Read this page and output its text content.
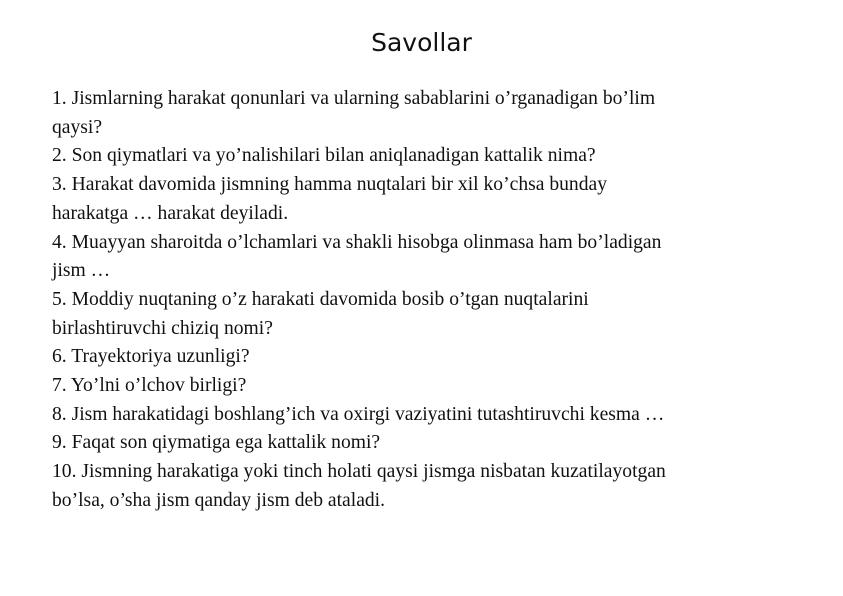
Savollar
1. Jismlarning harakat qonunlari va ularning sabablarini o’rganadigan bo’lim
qaysi?
2. Son qiymatlari va yo’nalishilari bilan aniqlanadigan kattalik nima?
3. Harakat davomida jismning hamma nuqtalari bir xil ko’chsa bunday
harakatga … harakat deyiladi.
4. Muayyan sharoitda o’lchamlari va shakli hisobga olinmasa ham bo’ladigan
jism …
5. Moddiy nuqtaning o’z harakati davomida bosib o’tgan nuqtalarini
birlashtiruvchi chiziq nomi?
6. Trayektoriya uzunligi?
7. Yo’lni o’lchov birligi?
8. Jism harakatidagi boshlang’ich va oxirgi vaziyatini tutashtiruvchi kesma …
9. Faqat son qiymatiga ega kattalik nomi?
10. Jismning harakatiga yoki tinch holati qaysi jismga nisbatan kuzatilayotgan
bo’lsa, o’sha jism qanday jism deb ataladi.
